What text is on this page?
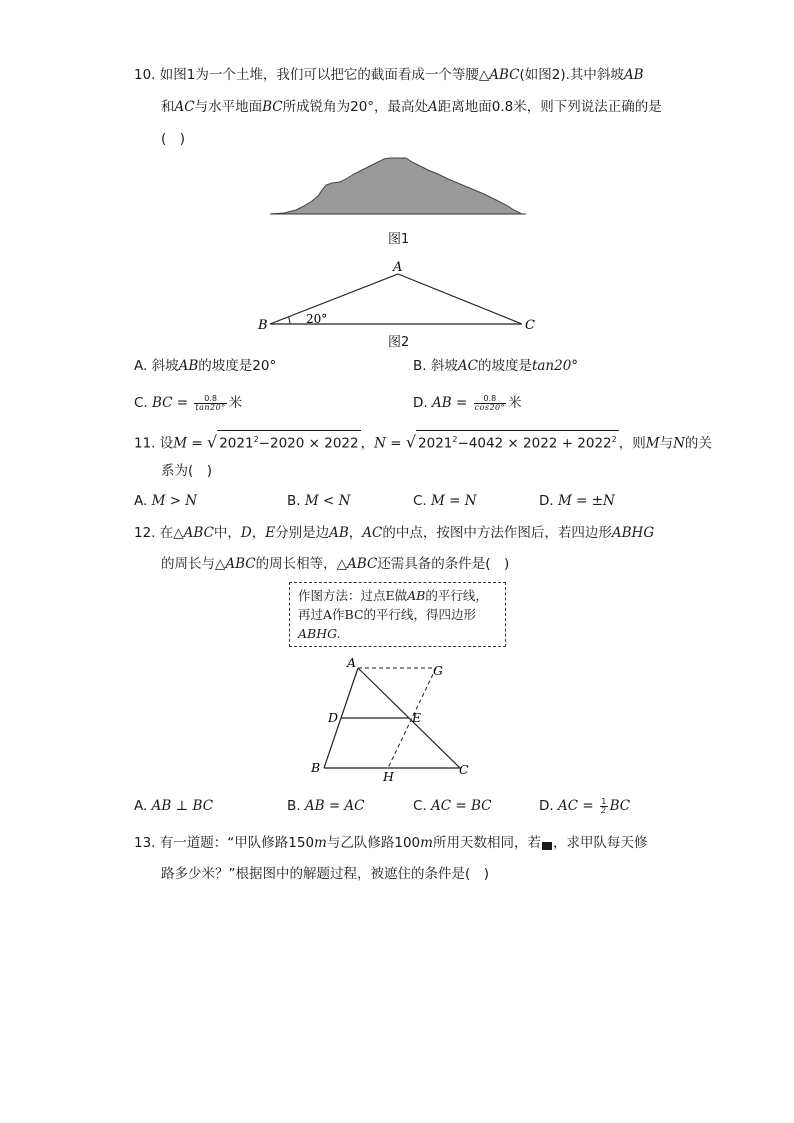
10. 如图1为一个土堆，我们可以把它的截面看成一个等腰△ABC(如图2).其中斜坡AB
和AC与水平地面BC所成锐角为20°，最高处A距离地面0.8米，则下列说法正确的是
(　)
图1
A
B	C
20°
图2
A. 斜坡AB的坡度是20°	B. 斜坡AC的坡度是tan20°
C. BC = $\frac{0.8}{\tan 20^\circ}$ 米	D. AB = $\frac{0.8}{\cos 20^\circ}$ 米
11. 设M = √ $2021^2-2020 \times 2022$ ，N = √ $2021^2-4042 \times 2022 + 2022^2$ ，则M与N的关
系为(　)
A. M > N	B. M < N	C. M = N	D. M = ±N
12. 在△ABC中，D，E分别是边AB，AC的中点，按图中方法作图后，若四边形ABHG
的周长与△ABC的周长相等，△ABC还需具备的条件是(　)
作图方法：过点E做AB的平行线，
再过A作BC的平行线，得四边形
ABHG.
A
G
D	E
B
H	C
A. AB ⊥ BC	B. AB = AC	C. AC = BC	D. AC = $\frac{1}{2}$ BC
13. 有一道题：“甲队修路150m与乙队修路100m所用天数相同，若 ，求甲队每天修
路多少米？”根据图中的解题过程，被遮住的条件是(　)
